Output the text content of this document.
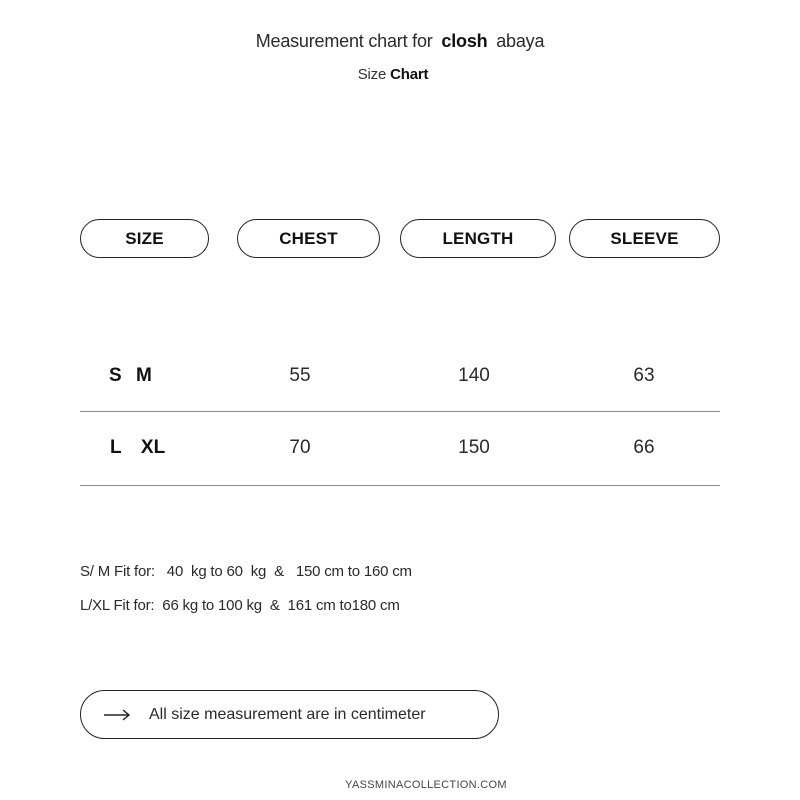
Measurement chart for closh abaya
Size Chart
SIZE	CHEST	LENGTH	SLEEVE
S M	55	140	63
L XL	70	150	66
S/ M Fit for:   40  kg to 60  kg  &   150 cm to 160 cm
L/XL Fit for:  66 kg to 100 kg  &  161 cm to180 cm
All size measurement are in centimeter
YASSMINACOLLECTION.COM
